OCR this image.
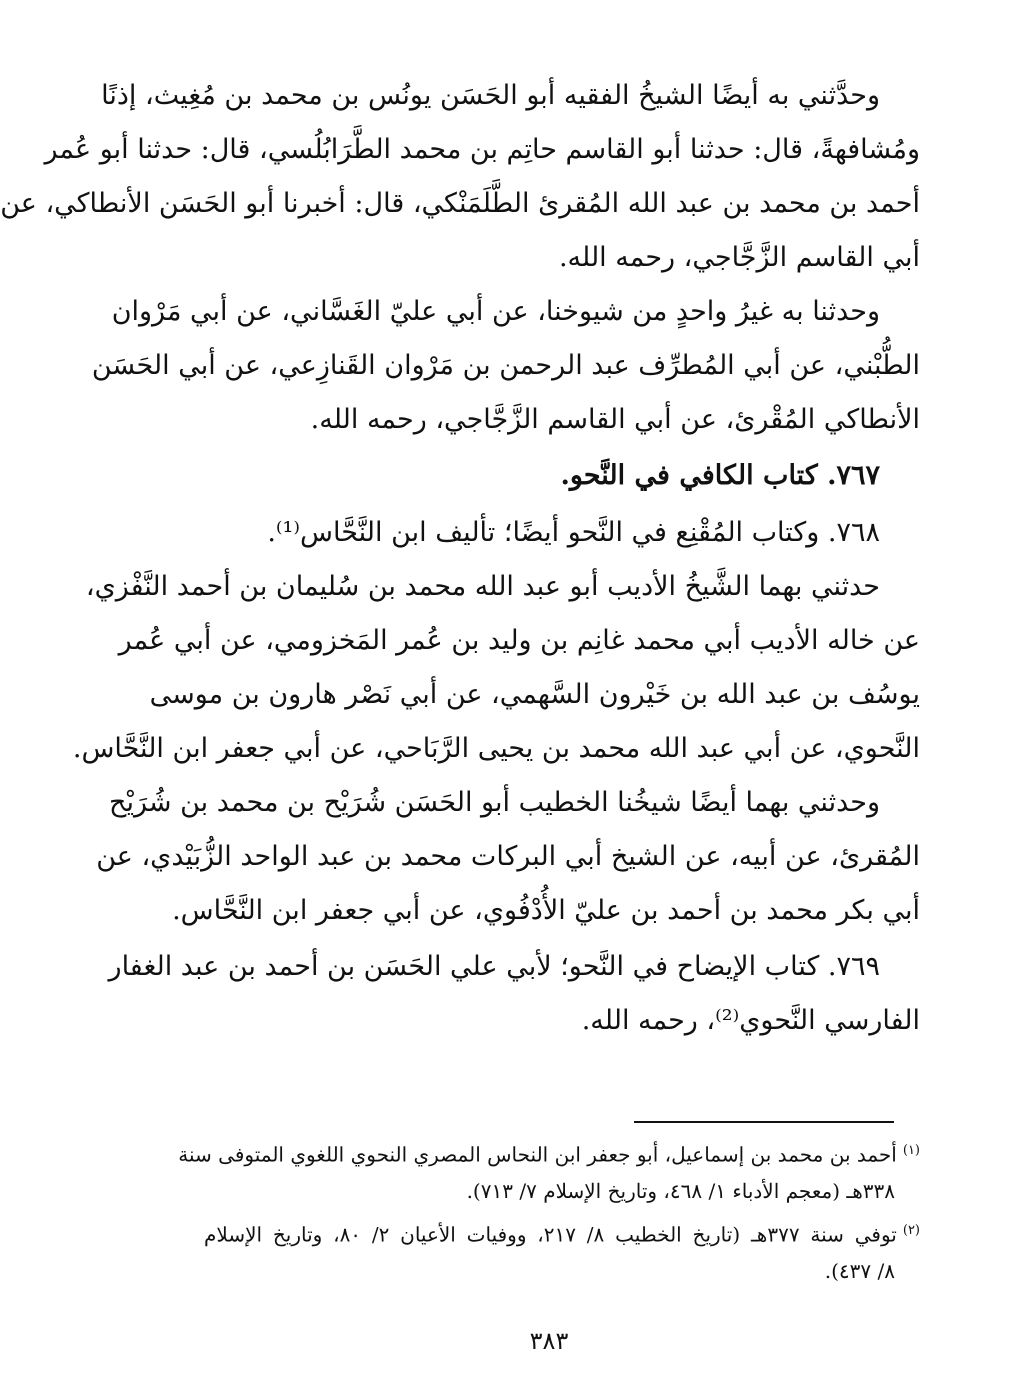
وحدَّثني به أيضًا الشيخُ الفقيه أبو الحَسَن يونُس بن محمد بن مُغِيث، إذنًا
ومُشافهةً، قال: حدثنا أبو القاسم حاتِم بن محمد الطَّرَابُلُسي، قال: حدثنا أبو عُمر
أحمد بن محمد بن عبد الله المُقرئ الطَّلَمَنْكي، قال: أخبرنا أبو الحَسَن الأنطاكي، عن
أبي القاسم الزَّجَّاجي، رحمه الله.
وحدثنا به غيرُ واحدٍ من شيوخنا، عن أبي عليّ الغَسَّاني، عن أبي مَرْوان
الطُّبْني، عن أبي المُطرِّف عبد الرحمن بن مَرْوان القَنازِعي، عن أبي الحَسَن
الأنطاكي المُقْرئ، عن أبي القاسم الزَّجَّاجي، رحمه الله.
٧٦٧. كتاب الكافي في النَّحو.
٧٦٨. وكتاب المُقْنِع في النَّحو أيضًا؛ تأليف ابن النَّحَّاس⁽¹⁾.
حدثني بهما الشَّيخُ الأديب أبو عبد الله محمد بن سُليمان بن أحمد النَّفْزي،
عن خاله الأديب أبي محمد غانِم بن وليد بن عُمر المَخزومي، عن أبي عُمر
يوسُف بن عبد الله بن خَيْرون السَّهمي، عن أبي نَصْر هارون بن موسى
النَّحوي، عن أبي عبد الله محمد بن يحيى الرَّبَاحي، عن أبي جعفر ابن النَّحَّاس.
وحدثني بهما أيضًا شيخُنا الخطيب أبو الحَسَن شُرَيْح بن محمد بن شُرَيْح
المُقرئ، عن أبيه، عن الشيخ أبي البركات محمد بن عبد الواحد الزُّبَيْدي، عن
أبي بكر محمد بن أحمد بن عليّ الأُدْفُوي، عن أبي جعفر ابن النَّحَّاس.
٧٦٩. كتاب الإيضاح في النَّحو؛ لأبي علي الحَسَن بن أحمد بن عبد الغفار
الفارسي النَّحوي⁽²⁾، رحمه الله.
$^{(١)}$أحمد بن محمد بن إسماعيل، أبو جعفر ابن النحاس المصري النحوي اللغوي المتوفى سنة
٣٣٨هـ (معجم الأدباء ١/ ٤٦٨، وتاريخ الإسلام ٧/ ٧١٣).
$^{(٢)}$توفي سنة ٣٧٧هـ (تاريخ الخطيب ٨/ ٢١٧، ووفيات الأعيان ٢/ ٨٠، وتاريخ الإسلام
٨/ ٤٣٧).
٣٨٣
